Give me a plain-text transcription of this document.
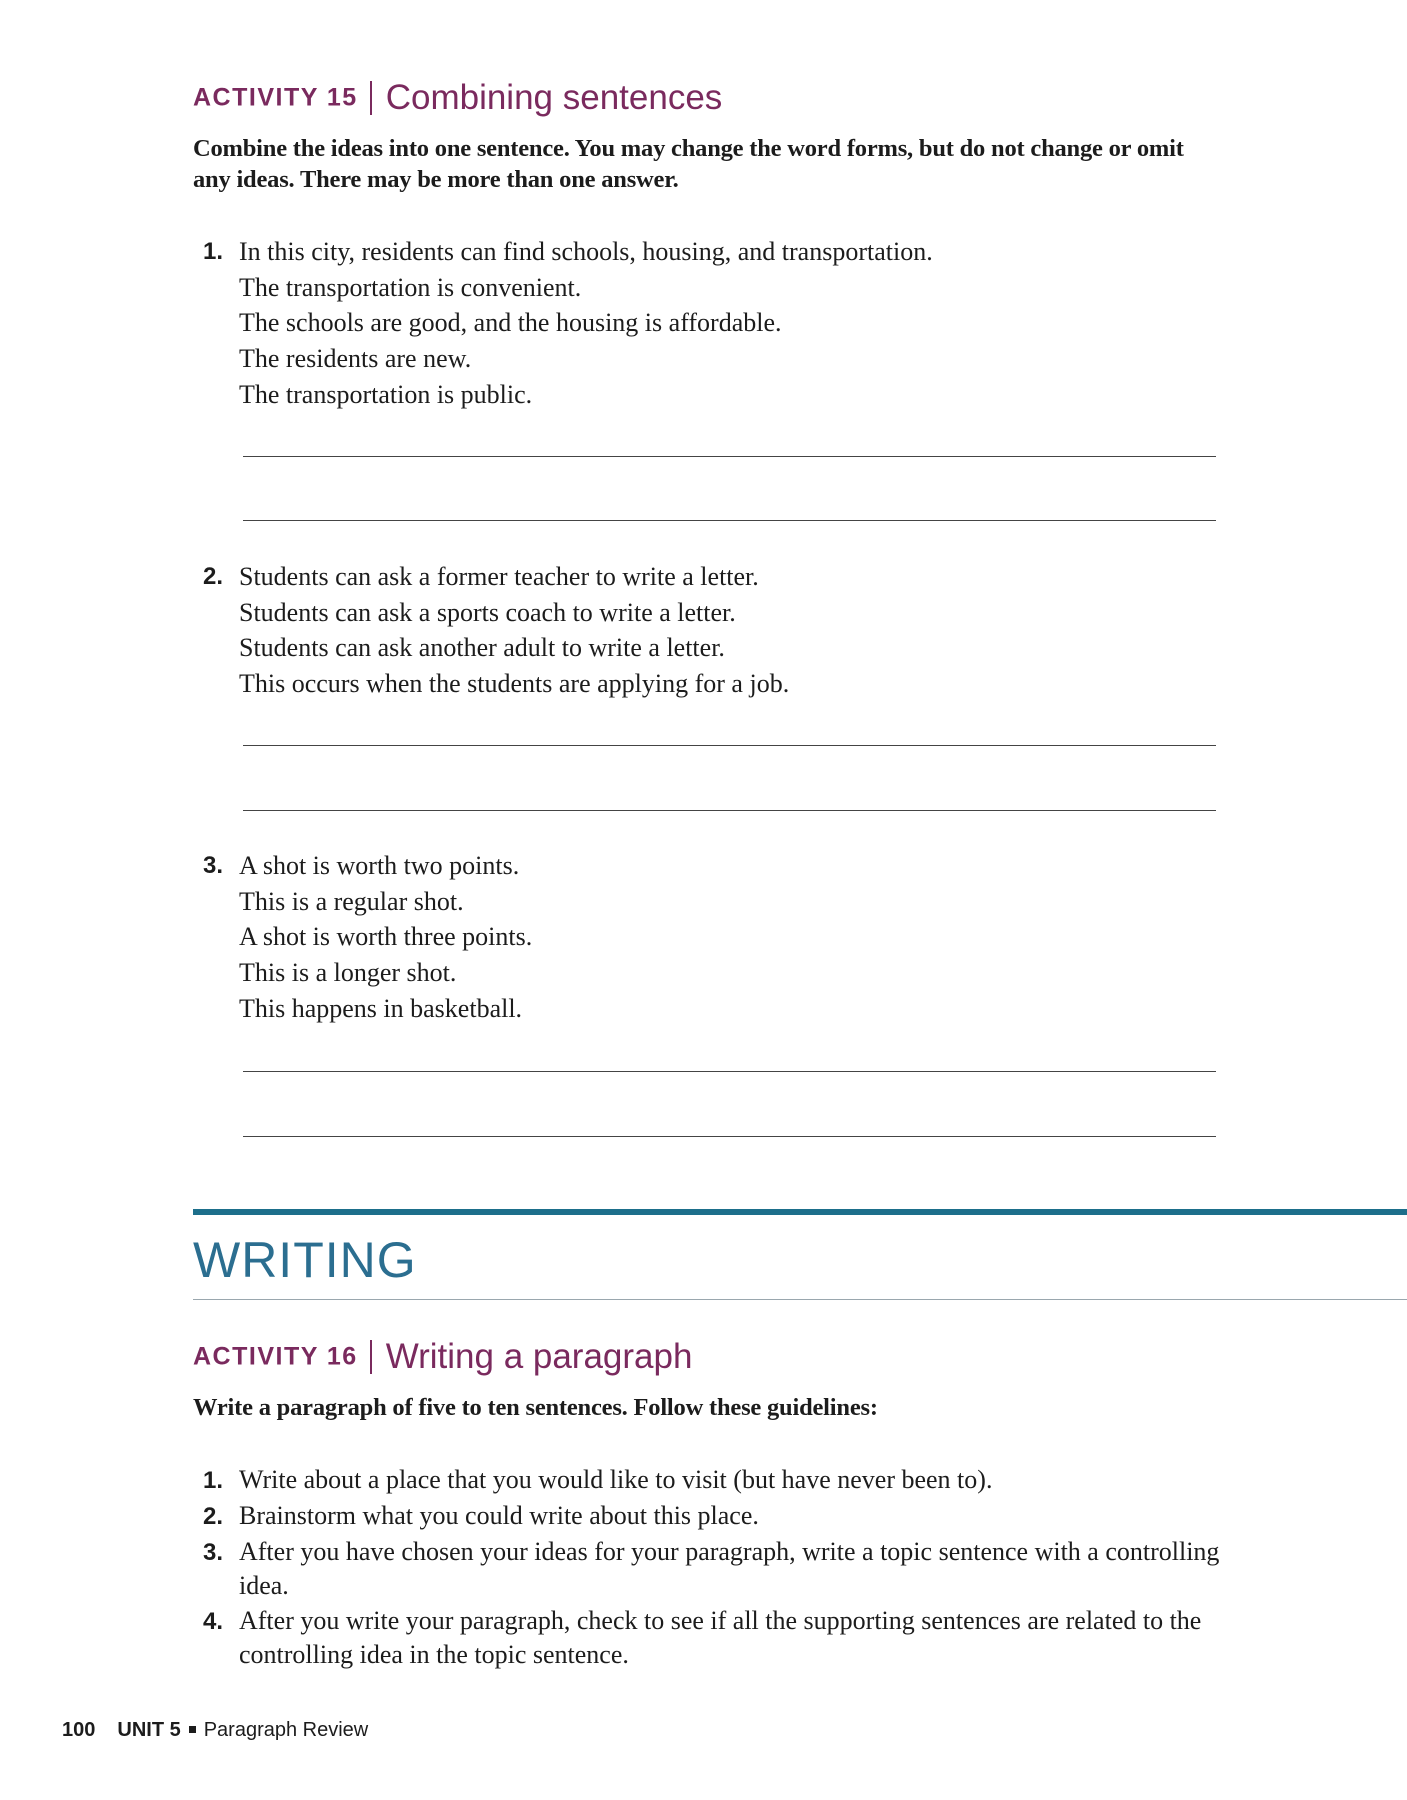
ACTIVITY 15 Combining sentences
Combine the ideas into one sentence. You may change the word forms, but do not change or omit any ideas. There may be more than one answer.
1. In this city, residents can find schools, housing, and transportation.
The transportation is convenient.
The schools are good, and the housing is affordable.
The residents are new.
The transportation is public.
2. Students can ask a former teacher to write a letter.
Students can ask a sports coach to write a letter.
Students can ask another adult to write a letter.
This occurs when the students are applying for a job.
3. A shot is worth two points.
This is a regular shot.
A shot is worth three points.
This is a longer shot.
This happens in basketball.
WRITING
ACTIVITY 16 Writing a paragraph
Write a paragraph of five to ten sentences. Follow these guidelines:
1. Write about a place that you would like to visit (but have never been to).
2. Brainstorm what you could write about this place.
3. After you have chosen your ideas for your paragraph, write a topic sentence with a controlling idea.
4. After you write your paragraph, check to see if all the supporting sentences are related to the controlling idea in the topic sentence.
100 UNIT 5 Paragraph Review
